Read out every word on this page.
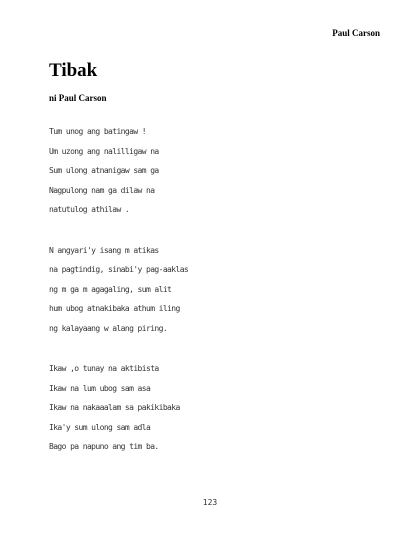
Paul Carson
Tibak
ni Paul Carson
Tum unog ang batingaw !
Um uzong ang nalilligaw na
Sum ulong atnanigaw sam ga
Nagpulong nam ga dilaw na
natutulog athilaw .
N angyari'y isang m atikas
na pagtindig, sinabi'y pag-aaklas
ng m ga m agagaling, sum alit
hum ubog atnakibaka athum iling
ng kalayaang w alang piring.
Ikaw ,o tunay na aktibista
Ikaw na lum ubog sam asa
Ikaw na nakaaalam sa pakikibaka
Ika'y sum ulong sam adla
Bago pa napuno ang tim ba.
123
